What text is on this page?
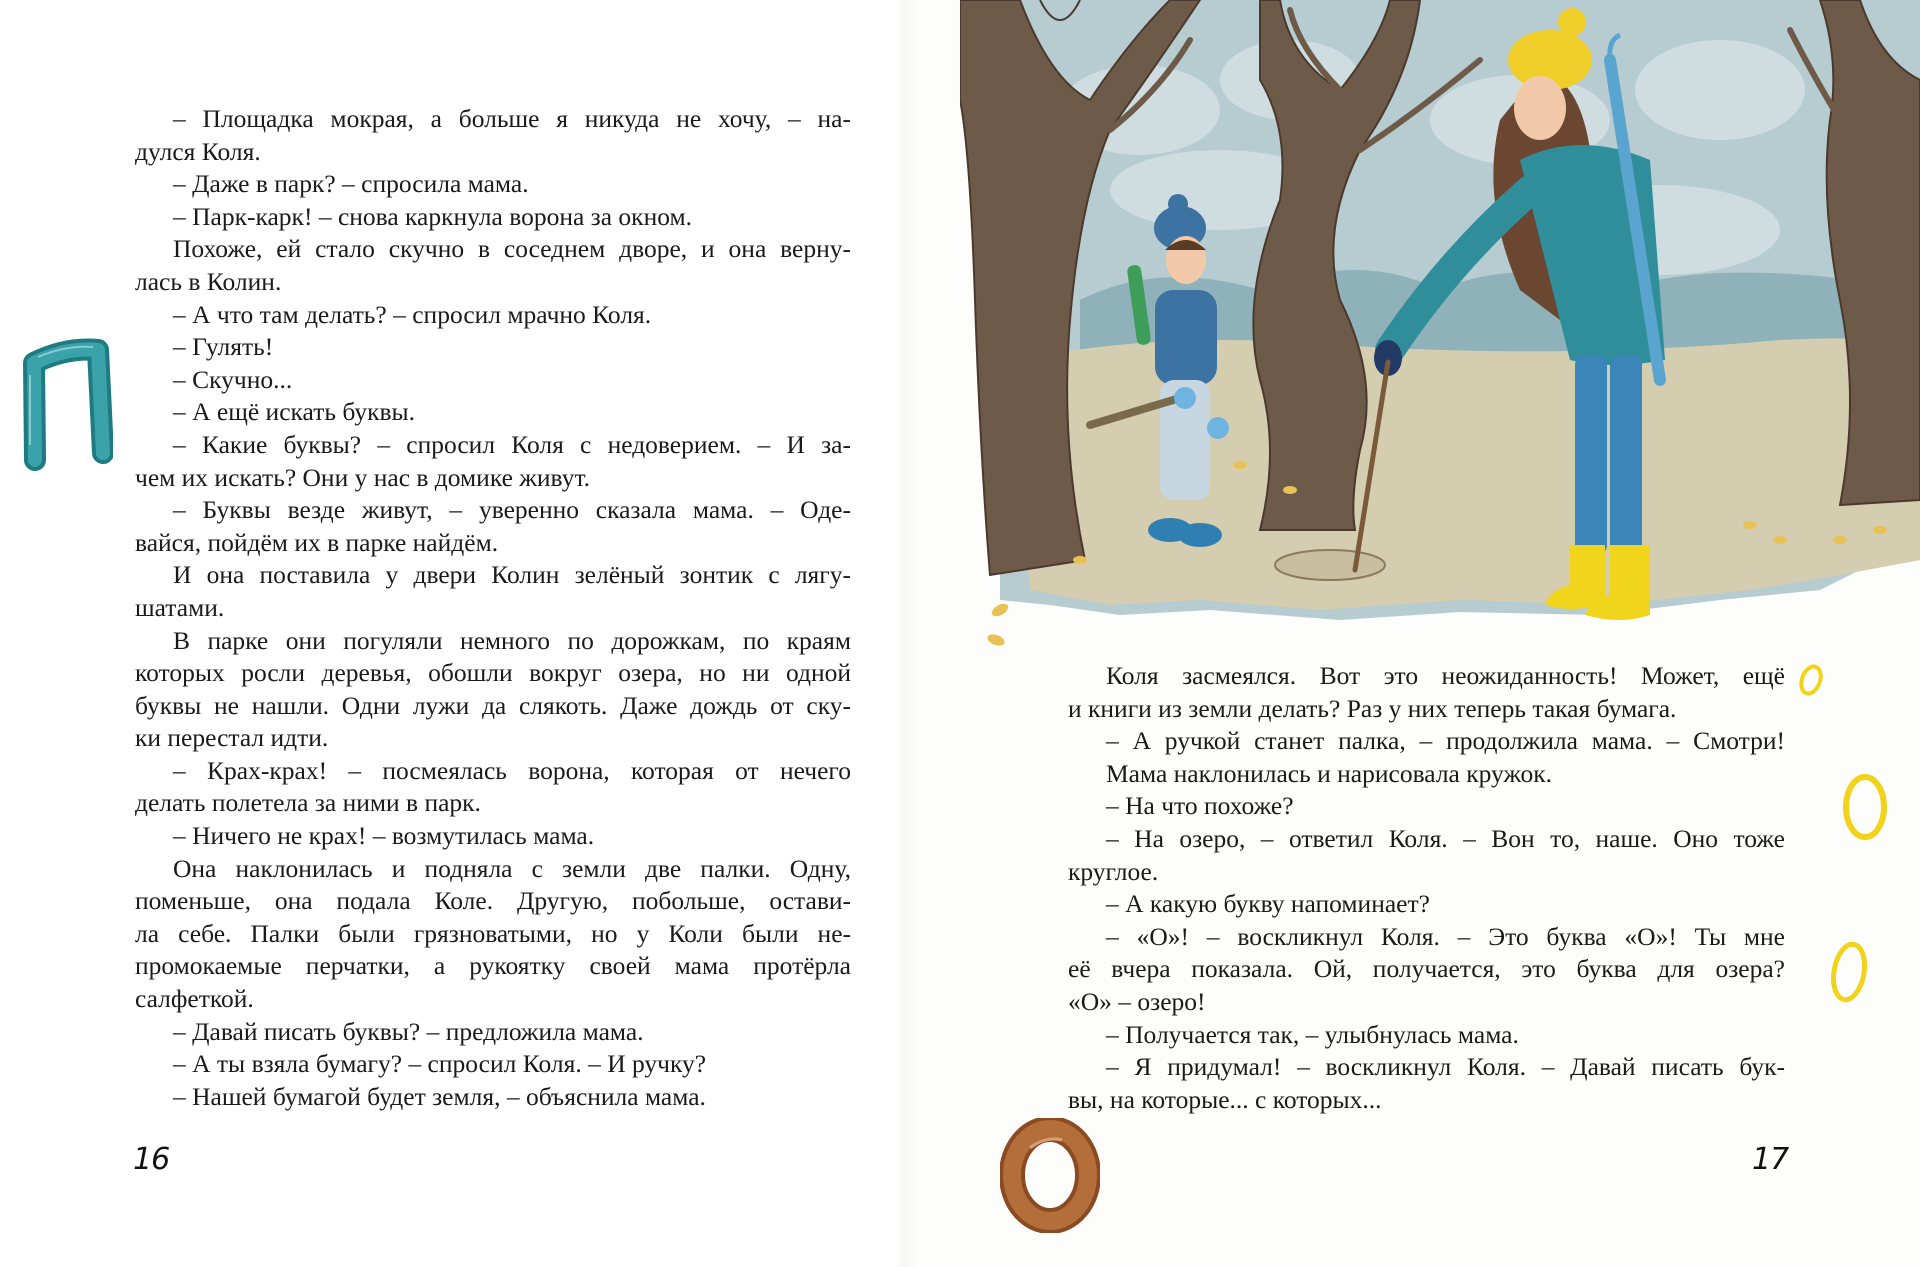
– Площадка мокрая, а больше я никуда не хочу, – на-
дулся Коля.
– Даже в парк? – спросила мама.
– Парк-карк! – снова каркнула ворона за окном.
Похоже, ей стало скучно в соседнем дворе, и она верну-
лась в Колин.
– А что там делать? – спросил мрачно Коля.
– Гулять!
– Скучно...
– А ещё искать буквы.
– Какие буквы? – спросил Коля с недоверием. – И за-
чем их искать? Они у нас в домике живут.
– Буквы везде живут, – уверенно сказала мама. – Оде-
вайся, пойдём их в парке найдём.
И она поставила у двери Колин зелёный зонтик с лягу-
шатами.
В парке они погуляли немного по дорожкам, по краям
которых росли деревья, обошли вокруг озера, но ни одной
буквы не нашли. Одни лужи да слякоть. Даже дождь от ску-
ки перестал идти.
– Крах-крах! – посмеялась ворона, которая от нечего
делать полетела за ними в парк.
– Ничего не крах! – возмутилась мама.
Она наклонилась и подняла с земли две палки. Одну,
поменьше, она подала Коле. Другую, побольше, остави-
ла себе. Палки были грязноватыми, но у Коли были не-
промокаемые перчатки, а рукоятку своей мама протёрла
салфеткой.
– Давай писать буквы? – предложила мама.
– А ты взяла бумагу? – спросил Коля. – И ручку?
– Нашей бумагой будет земля, – объяснила мама.
16
Коля засмеялся. Вот это неожиданность! Может, ещё
и книги из земли делать? Раз у них теперь такая бумага.
– А ручкой станет палка, – продолжила мама. – Смотри!
Мама наклонилась и нарисовала кружок.
– На что похоже?
– На озеро, – ответил Коля. – Вон то, наше. Оно тоже
круглое.
– А какую букву напоминает?
– «О»! – воскликнул Коля. – Это буква «О»! Ты мне
её вчера показала. Ой, получается, это буква для озера?
«О» – озеро!
– Получается так, – улыбнулась мама.
– Я придумал! – воскликнул Коля. – Давай писать бук-
вы, на которые... с которых...
17
